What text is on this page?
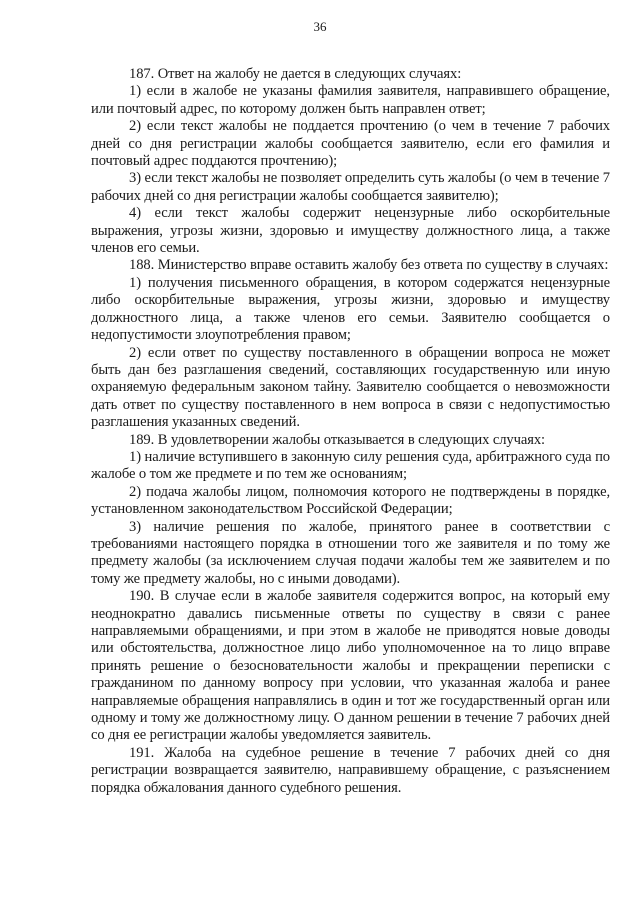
36

187. Ответ на жалобу не дается в следующих случаях:

1) если в жалобе не указаны фамилия заявителя, направившего обращение, или почтовый адрес, по которому должен быть направлен ответ;

2) если текст жалобы не поддается прочтению (о чем в течение 7 рабочих дней со дня регистрации жалобы сообщается заявителю, если его фамилия и почтовый адрес поддаются прочтению);

3) если текст жалобы не позволяет определить суть жалобы (о чем в течение 7 рабочих дней со дня регистрации жалобы сообщается заявителю);

4) если текст жалобы содержит нецензурные либо оскорбительные выражения, угрозы жизни, здоровью и имуществу должностного лица, а также членов его семьи.

188. Министерство вправе оставить жалобу без ответа по существу в случаях:

1) получения письменного обращения, в котором содержатся нецензурные либо оскорбительные выражения, угрозы жизни, здоровью и имуществу должностного лица, а также членов его семьи. Заявителю сообщается о недопустимости злоупотребления правом;

2) если ответ по существу поставленного в обращении вопроса не может быть дан без разглашения сведений, составляющих государственную или иную охраняемую федеральным законом тайну. Заявителю сообщается о невозможности дать ответ по существу поставленного в нем вопроса в связи с недопустимостью разглашения указанных сведений.

189. В удовлетворении жалобы отказывается в следующих случаях:

1) наличие вступившего в законную силу решения суда, арбитражного суда по жалобе о том же предмете и по тем же основаниям;

2) подача жалобы лицом, полномочия которого не подтверждены в порядке, установленном законодательством Российской Федерации;

3) наличие решения по жалобе, принятого ранее в соответствии с требованиями настоящего порядка в отношении того же заявителя и по тому же предмету жалобы (за исключением случая подачи жалобы тем же заявителем и по тому же предмету жалобы, но с иными доводами).

190. В случае если в жалобе заявителя содержится вопрос, на который ему неоднократно давались письменные ответы по существу в связи с ранее направляемыми обращениями, и при этом в жалобе не приводятся новые доводы или обстоятельства, должностное лицо либо уполномоченное на то лицо вправе принять решение о безосновательности жалобы и прекращении переписки с гражданином по данному вопросу при условии, что указанная жалоба и ранее направляемые обращения направлялись в один и тот же государственный орган или одному и тому же должностному лицу. О данном решении в течение 7 рабочих дней со дня ее регистрации жалобы уведомляется заявитель.

191. Жалоба на судебное решение в течение 7 рабочих дней со дня регистрации возвращается заявителю, направившему обращение, с разъяснением порядка обжалования данного судебного решения.
